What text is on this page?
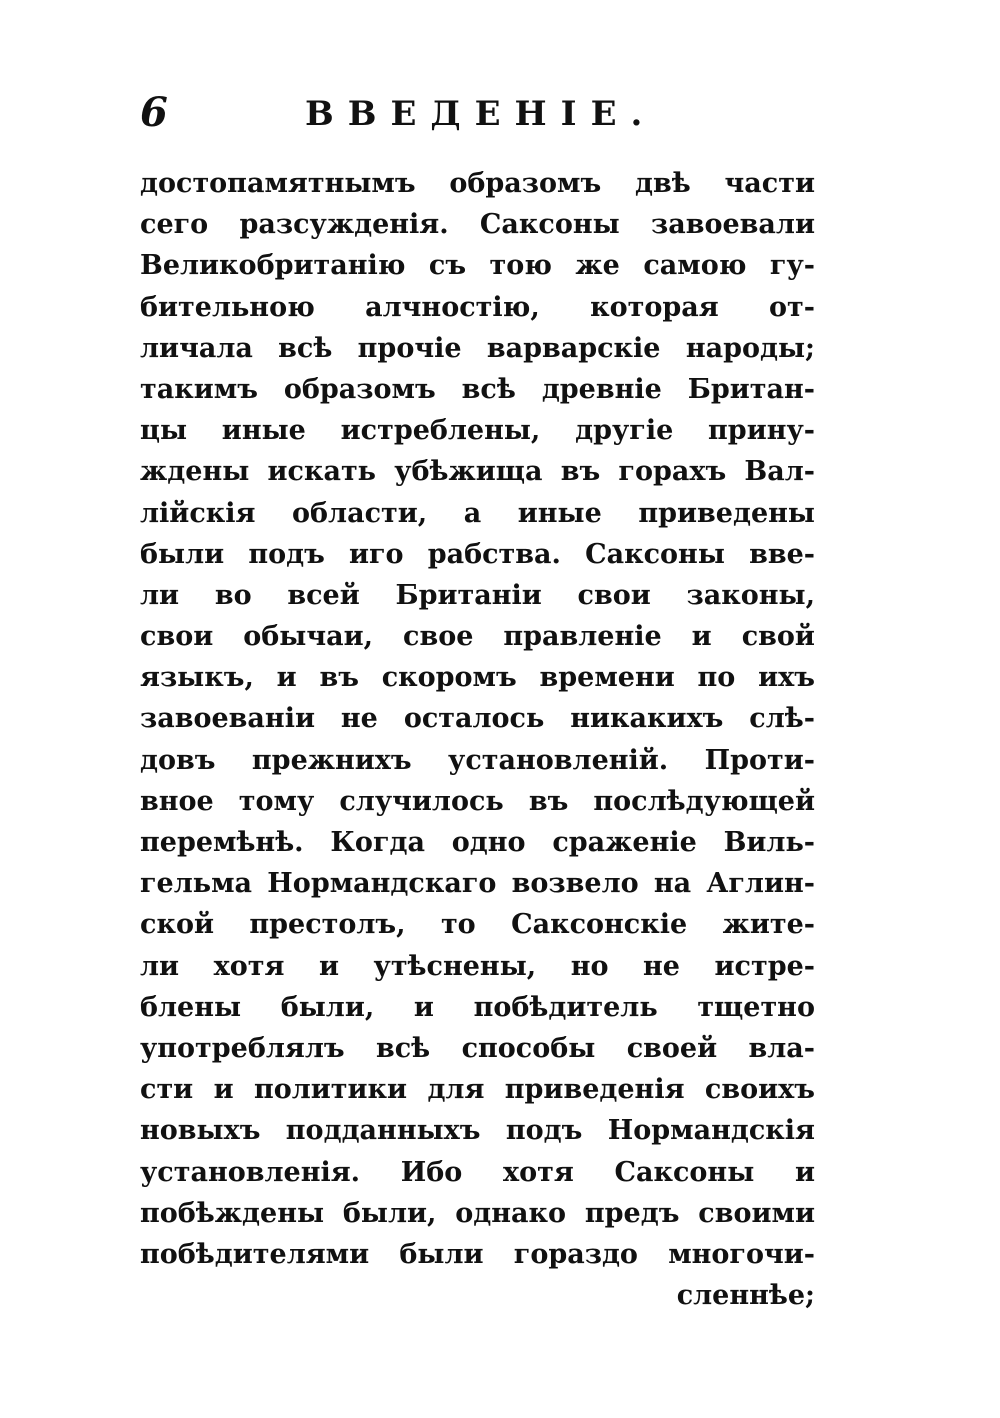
6	ВВЕДЕНІЕ.
достопамятнымъ образомъ двѣ части
сего разсужденія. Саксоны завоевали
Великобританію съ тою же самою гу-
бительною алчностію, которая от-
личала всѣ прочіе варварскіе народы;
такимъ образомъ всѣ древніе Британ-
цы иные истреблены, другіе прину-
ждены искать убѣжища въ горахъ Вал-
лійскія области, а иные приведены
были подъ иго рабства. Саксоны вве-
ли во всей Британіи свои законы,
свои обычаи, свое правленіе и свой
языкъ, и въ скоромъ времени по ихъ
завоеваніи не осталось никакихъ слѣ-
довъ прежнихъ установленій. Проти-
вное тому случилось въ послѣдующей
перемѣнѣ. Когда одно сраженіе Виль-
гельма Нормандскаго возвело на Аглин-
ской престолъ, то Саксонскіе жите-
ли хотя и утѣснены, но не истре-
блены были, и побѣдитель тщетно
употреблялъ всѣ способы своей вла-
сти и политики для приведенія своихъ
новыхъ подданныхъ подъ Нормандскія
установленія. Ибо хотя Саксоны и
побѣждены были, однако предъ своими
побѣдителями были гораздо многочи-
сленнѣе;
